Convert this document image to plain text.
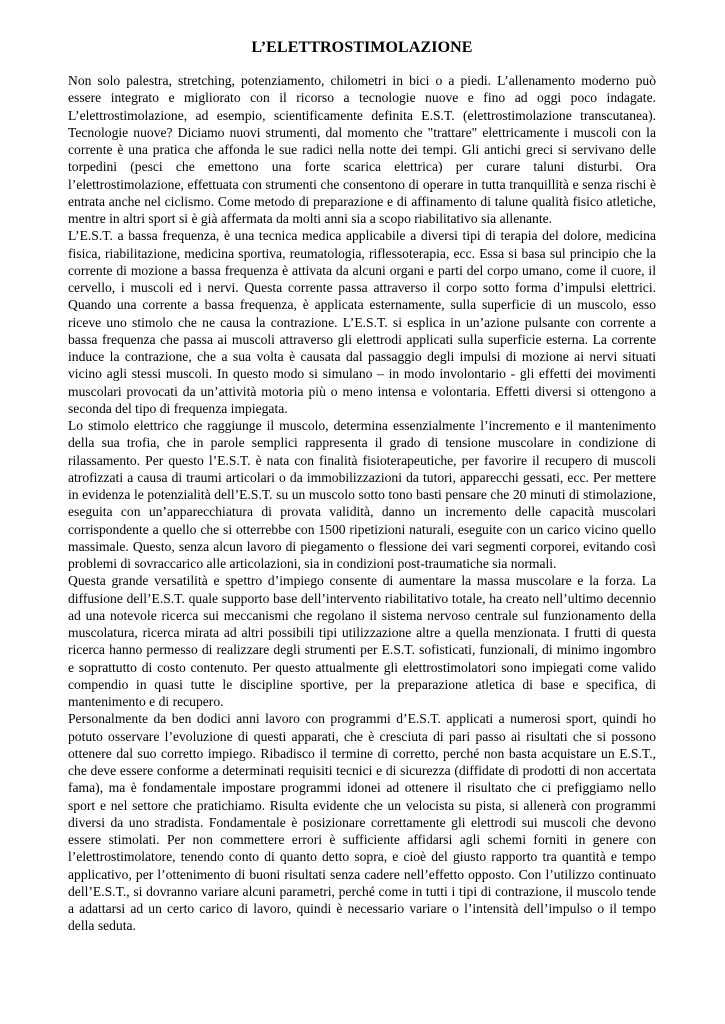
L’ELETTROSTIMOLAZIONE

Non solo palestra, stretching, potenziamento, chilometri in bici o a piedi. L’allenamento moderno può essere integrato e migliorato con il ricorso a tecnologie nuove e fino ad oggi poco indagate. L’elettrostimolazione, ad esempio, scientificamente definita E.S.T. (elettrostimolazione transcutanea). Tecnologie nuove? Diciamo nuovi strumenti, dal momento che "trattare" elettricamente i muscoli con la corrente è una pratica che affonda le sue radici nella notte dei tempi. Gli antichi greci si servivano delle torpedini (pesci che emettono una forte scarica elettrica) per curare taluni disturbi. Ora l’elettrostimolazione, effettuata con strumenti che consentono di operare in tutta tranquillità e senza rischi è entrata anche nel ciclismo. Come metodo di preparazione e di affinamento di talune qualità fisico atletiche, mentre in altri sport si è già affermata da molti anni sia a scopo riabilitativo sia allenante.

L’E.S.T. a bassa frequenza, è una tecnica medica applicabile a diversi tipi di terapia del dolore, medicina fisica, riabilitazione, medicina sportiva, reumatologia, riflessoterapia, ecc. Essa si basa sul principio che la corrente di mozione a bassa frequenza è attivata da alcuni organi e parti del corpo umano, come il cuore, il cervello, i muscoli ed i nervi. Questa corrente passa attraverso il corpo sotto forma d’impulsi elettrici. Quando una corrente a bassa frequenza, è applicata esternamente, sulla superficie di un muscolo, esso riceve uno stimolo che ne causa la contrazione. L’E.S.T. si esplica in un’azione pulsante con corrente a bassa frequenza che passa ai muscoli attraverso gli elettrodi applicati sulla superficie esterna. La corrente induce la contrazione, che a sua volta è causata dal passaggio degli impulsi di mozione ai nervi situati vicino agli stessi muscoli. In questo modo si simulano – in modo involontario - gli effetti dei movimenti muscolari provocati da un’attività motoria più o meno intensa e volontaria. Effetti diversi si ottengono a seconda del tipo di frequenza impiegata.

Lo stimolo elettrico che raggiunge il muscolo, determina essenzialmente l’incremento e il mantenimento della sua trofia, che in parole semplici rappresenta il grado di tensione muscolare in condizione di rilassamento. Per questo l’E.S.T. è nata con finalità fisioterapeutiche, per favorire il recupero di muscoli atrofizzati a causa di traumi articolari o da immobilizzazioni da tutori, apparecchi gessati, ecc. Per mettere in evidenza le potenzialità dell’E.S.T. su un muscolo sotto tono basti pensare che 20 minuti di stimolazione, eseguita con un’apparecchiatura di provata validità, danno un incremento delle capacità muscolari corrispondente a quello che si otterrebbe con 1500 ripetizioni naturali, eseguite con un carico vicino quello massimale. Questo, senza alcun lavoro di piegamento o flessione dei vari segmenti corporei, evitando così problemi di sovraccarico alle articolazioni, sia in condizioni post-traumatiche sia normali.

Questa grande versatilità e spettro d’impiego consente di aumentare la massa muscolare e la forza. La diffusione dell’E.S.T. quale supporto base dell’intervento riabilitativo totale, ha creato nell’ultimo decennio ad una notevole ricerca sui meccanismi che regolano il sistema nervoso centrale sul funzionamento della muscolatura, ricerca mirata ad altri possibili tipi utilizzazione altre a quella menzionata. I frutti di questa ricerca hanno permesso di realizzare degli strumenti per E.S.T. sofisticati, funzionali, di minimo ingombro e soprattutto di costo contenuto. Per questo attualmente gli elettrostimolatori sono impiegati come valido compendio in quasi tutte le discipline sportive, per la preparazione atletica di base e specifica, di mantenimento e di recupero.

Personalmente da ben dodici anni lavoro con programmi d’E.S.T. applicati a numerosi sport, quindi ho potuto osservare l’evoluzione di questi apparati, che è cresciuta di pari passo ai risultati che si possono ottenere dal suo corretto impiego. Ribadisco il termine di corretto, perché non basta acquistare un E.S.T., che deve essere conforme a determinati requisiti tecnici e di sicurezza (diffidate di prodotti di non accertata fama), ma è fondamentale impostare programmi idonei ad ottenere il risultato che ci prefiggiamo nello sport e nel settore che pratichiamo. Risulta evidente che un velocista su pista, si allenerà con programmi diversi da uno stradista. Fondamentale è posizionare correttamente gli elettrodi sui muscoli che devono essere stimolati. Per non commettere errori è sufficiente affidarsi agli schemi forniti in genere con l’elettrostimolatore, tenendo conto di quanto detto sopra, e cioè del giusto rapporto tra quantità e tempo applicativo, per l’ottenimento di buoni risultati senza cadere nell’effetto opposto. Con l’utilizzo continuato dell’E.S.T., si dovranno variare alcuni parametri, perché come in tutti i tipi di contrazione, il muscolo tende a adattarsi ad un certo carico di lavoro, quindi è necessario variare o l’intensità dell’impulso o il tempo della seduta.
